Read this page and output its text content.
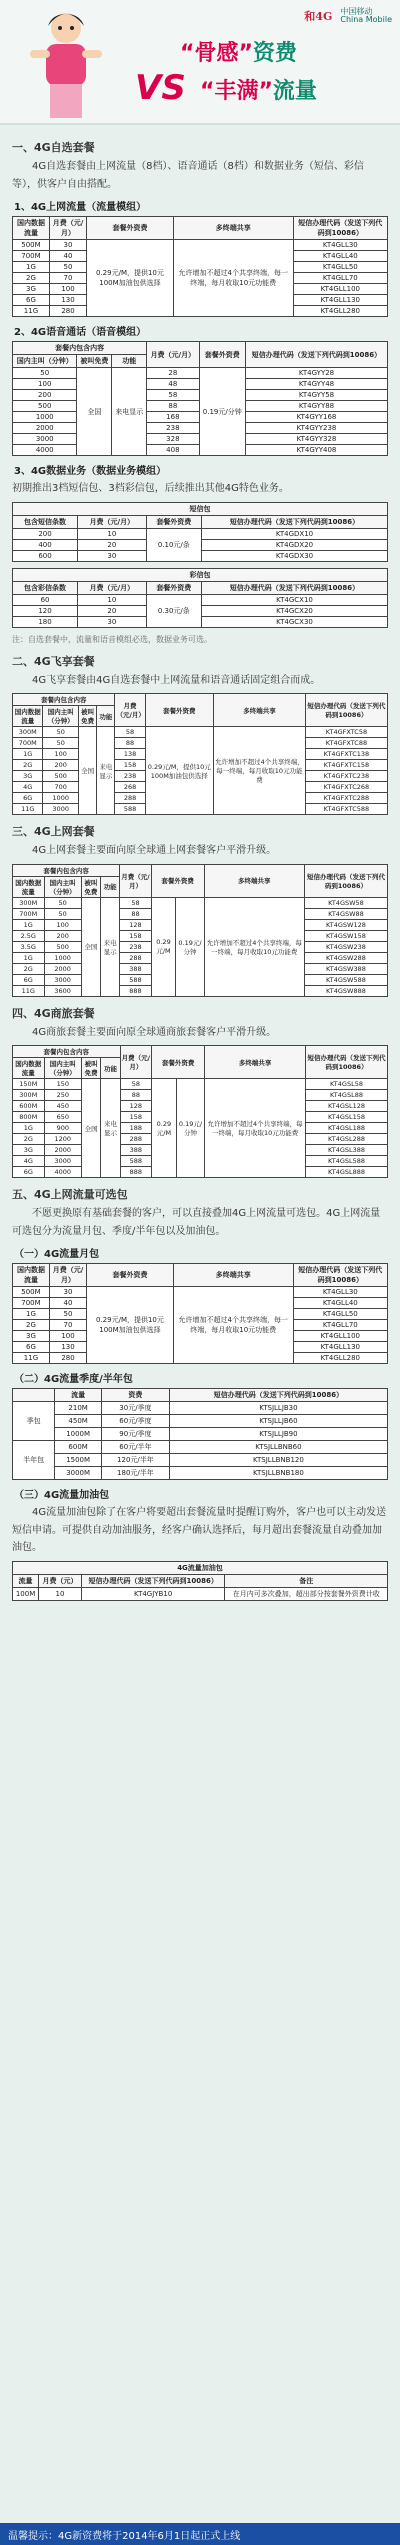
和4G 中国移动
China Mobile
“骨感”资费
VS “丰满”流量
一、4G自选套餐
4G自选套餐由上网流量（8档）、语音通话（8档）和数据业务（短信、彩信等），供客户自由搭配。
1、4G上网流量（流量模组）
国内数据流量	月费（元/月）	套餐外资费	多终端共享	短信办理代码（发送下列代码到10086）
500M	30	0.29元/M，提供10元100M加油包供选择	允许增加不超过4个共享终端，每一终端，每月收取10元功能费	KT4GLL30
700M	40			KT4GLL40
1G	50			KT4GLL50
2G	70			KT4GLL70
3G	100			KT4GLL100
6G	130			KT4GLL130
11G	280			KT4GLL280
2、4G语音通话（语音模组）
套餐内包含内容			月费（元/月）	套餐外资费	短信办理代码（发送下列代码到10086）
国内主叫（分钟）	被叫免费	功能			
50	全国	来电显示	28	0.19元/分钟	KT4GYY28
100			48		KT4GYY48
200			58		KT4GYY58
500			88		KT4GYY88
1000			168		KT4GYY168
2000			238		KT4GYY238
3000			328		KT4GYY328
4000			408		KT4GYY408
3、4G数据业务（数据业务模组）
初期推出3档短信包、3档彩信包，后续推出其他4G特色业务。
短信包			
包含短信条数	月费（元/月）	套餐外资费	短信办理代码（发送下列代码到10086）
200	10	0.10元/条	KT4GDX10
400	20		KT4GDX20
600	30		KT4GDX30
彩信包			
包含彩信条数	月费（元/月）	套餐外资费	短信办理代码（发送下列代码到10086）
60	10	0.30元/条	KT4GCX10
120	20		KT4GCX20
180	30		KT4GCX30
注：自选套餐中，流量和语音模组必选，数据业务可选。
二、4G飞享套餐
4G飞享套餐由4G自选套餐中上网流量和语音通话固定组合而成。
套餐内包含内容				月费（元/月）	套餐外资费	多终端共享	短信办理代码（发送下列代码到10086）
国内数据流量	国内主叫（分钟）	被叫免费	功能				
300M	50	全国	来电显示	58	0.29元/M，提供10元100M加油包供选择	允许增加不超过4个共享终端，每一终端，每月收取10元功能费	KT4GFXTC58
700M	50			88			KT4GFXTC88
1G	100			138			KT4GFXTC138
2G	200			158			KT4GFXTC158
3G	500			238			KT4GFXTC238
4G	700			268			KT4GFXTC268
6G	1000			288			KT4GFXTC288
11G	3000			588			KT4GFXTC588
三、4G上网套餐
4G上网套餐主要面向原全球通上网套餐客户平滑升级。
套餐内包含内容				月费（元/月）	套餐外资费		多终端共享	短信办理代码（发送下列代码到10086）
国内数据流量	国内主叫（分钟）	被叫免费	功能					
300M	50	全国	来电显示	58	0.29元/M	0.19元/分钟	允许增加不超过4个共享终端，每一终端，每月收取10元功能费	KT4GSW58
700M	50			88				KT4GSW88
1G	100			128				KT4GSW128
2.5G	200			158				KT4GSW158
3.5G	500			238				KT4GSW238
1G	1000			288				KT4GSW288
2G	2000			388				KT4GSW388
6G	3000			588				KT4GSW588
11G	3600			888				KT4GSW888
四、4G商旅套餐
4G商旅套餐主要面向原全球通商旅套餐客户平滑升级。
套餐内包含内容				月费（元/月）	套餐外资费		多终端共享	短信办理代码（发送下列代码到10086）
国内数据流量	国内主叫（分钟）	被叫免费	功能					
150M	150	全国	来电显示	58	0.29元/M	0.19元/分钟	允许增加不超过4个共享终端，每一终端，每月收取10元功能费	KT4GSL58
300M	250			88				KT4GSL88
600M	450			128				KT4GSL128
800M	650			158				KT4GSL158
1G	900			188				KT4GSL188
2G	1200			288				KT4GSL288
3G	2000			388				KT4GSL388
4G	3000			588				KT4GSL588
6G	4000			888				KT4GSL888
五、4G上网流量可选包
不愿更换原有基础套餐的客户，可以直接叠加4G上网流量可选包。4G上网流量可选包分为流量月包、季度/半年包以及加油包。
（一）4G流量月包
国内数据流量	月费（元/月）	套餐外资费	多终端共享	短信办理代码（发送下列代码到10086）
500M	30	0.29元/M，提供10元100M加油包供选择	允许增加不超过4个共享终端，每一终端，每月收取10元功能费	KT4GLL30
700M	40			KT4GLL40
1G	50			KT4GLL50
2G	70			KT4GLL70
3G	100			KT4GLL100
6G	130			KT4GLL130
11G	280			KT4GLL280
（二）4G流量季度/半年包
	流量	资费	短信办理代码（发送下列代码到10086）
季包	210M	30元/季度	KTSJLLJB30
	450M	60元/季度	KTSJLLJB60
	1000M	90元/季度	KTSJLLJB90
半年包	600M	60元/半年	KTSJLLBNB60
	1500M	120元/半年	KTSJLLBNB120
	3000M	180元/半年	KTSJLLBNB180
（三）4G流量加油包
4G流量加油包除了在客户将要超出套餐流量时提醒订购外，客户也可以主动发送短信申请。可提供自动加油服务，经客户确认选择后，每月超出套餐流量自动叠加加油包。
4G流量加油包			
流量	月费（元）	短信办理代码（发送下列代码到10086）	备注
100M	10	KT4GJYB10	在月内可多次叠加，超出部分按套餐外资费计收
温馨提示：4G新资费将于2014年6月1日起正式上线
